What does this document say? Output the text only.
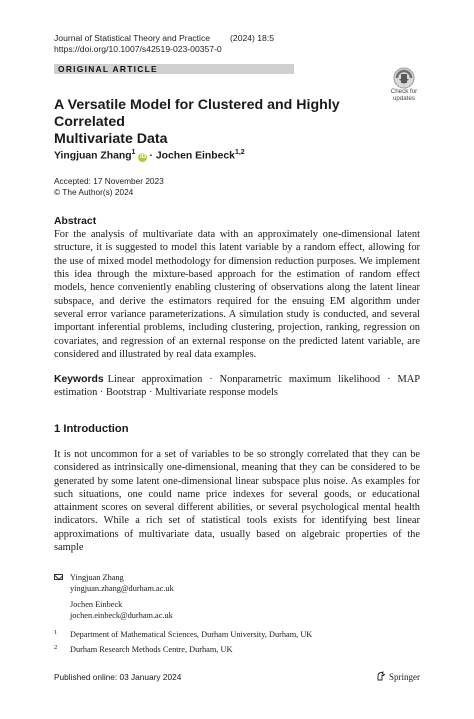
Journal of Statistical Theory and Practice (2024) 18:5
https://doi.org/10.1007/s42519-023-00357-0
ORIGINAL ARTICLE
Check for
updates
A Versatile Model for Clustered and Highly Correlated
Multivariate Data
Yingjuan Zhang$^1$iD · Jochen Einbeck$^{1,2}$
Accepted: 17 November 2023
© The Author(s) 2024
Abstract
For the analysis of multivariate data with an approximately one-dimensional latent structure, it is suggested to model this latent variable by a random effect, allowing for the use of mixed model methodology for dimension reduction purposes. We implement this idea through the mixture-based approach for the estimation of random effect models, hence conveniently enabling clustering of observations along the latent linear subspace, and derive the estimators required for the ensuing EM algorithm under several error variance parameterizations. A simulation study is conducted, and several important inferential problems, including clustering, projection, ranking, regression on covariates, and regression of an external response on the predicted latent variable, are considered and illustrated by real data examples.
Keywords Linear approximation · Nonparametric maximum likelihood · MAP estimation · Bootstrap · Multivariate response models
1 Introduction
It is not uncommon for a set of variables to be so strongly correlated that they can be considered as intrinsically one-dimensional, meaning that they can be considered to be generated by some latent one-dimensional linear subspace plus noise. As examples for such situations, one could name price indexes for several goods, or educational attainment scores on several different abilities, or several psychological mental health indicators. While a rich set of statistical tools exists for identifying best linear approximations of multivariate data, usually based on algebraic properties of the sample
Yingjuan Zhang
yingjuan.zhang@durham.ac.uk
Jochen Einbeck
jochen.einbeck@durham.ac.uk
1 Department of Mathematical Sciences, Durham University, Durham, UK
2 Durham Research Methods Centre, Durham, UK
Published online: 03 January 2024	Springer
